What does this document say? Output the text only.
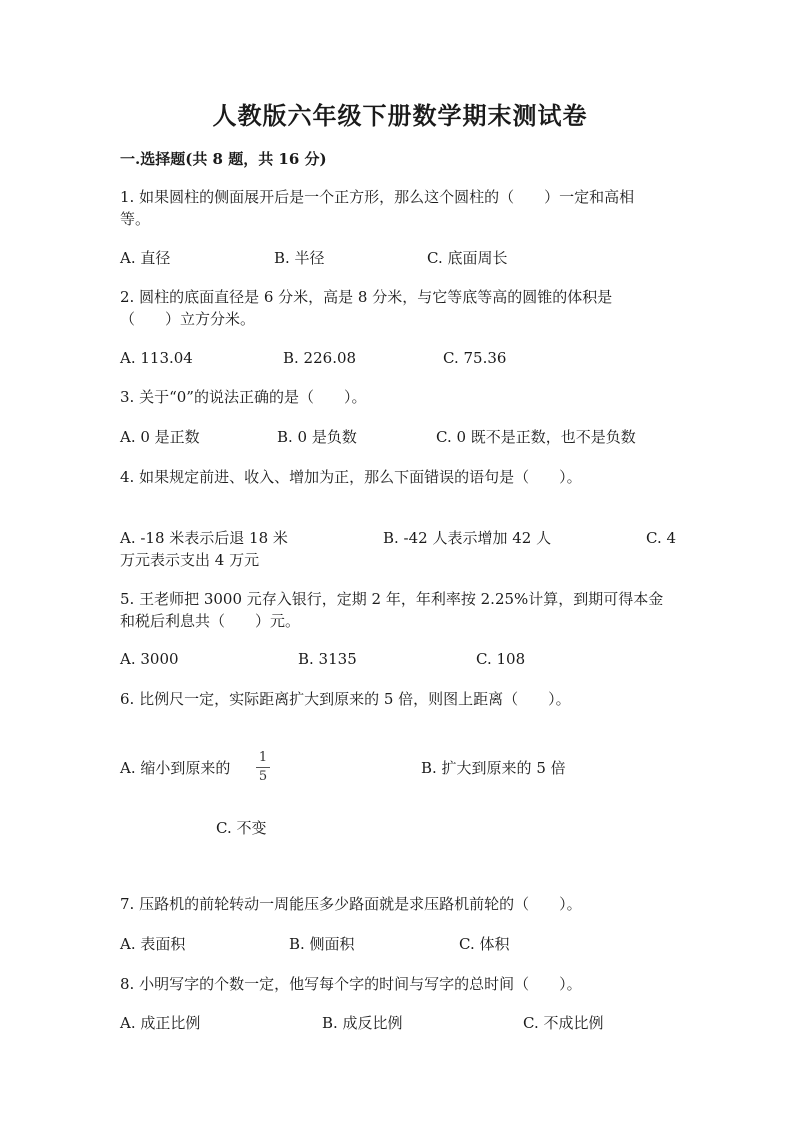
人教版六年级下册数学期末测试卷
一.选择题(共 8 题，共 16 分)
1. 如果圆柱的侧面展开后是一个正方形，那么这个圆柱的（　　）一定和高相
等。
A. 直径	B. 半径	C. 底面周长
2. 圆柱的底面直径是 6 分米，高是 8 分米，与它等底等高的圆锥的体积是
（　　）立方分米。
A. 113.04	B. 226.08	C. 75.36
3. 关于“0”的说法正确的是（　　）。
A. 0 是正数	B. 0 是负数	C. 0 既不是正数，也不是负数
4. 如果规定前进、收入、增加为正，那么下面错误的语句是（　　）。
A. -18 米表示后退 18 米	B. -42 人表示增加 42 人	C. 4
万元表示支出 4 万元
5. 王老师把 3000 元存入银行，定期 2 年，年利率按 2.25%计算，到期可得本金
和税后利息共（　　）元。
A. 3000	B. 3135	C. 108
6. 比例尺一定，实际距离扩大到原来的 5 倍，则图上距离（　　）。
A. 缩小到原来的
1
5	B. 扩大到原来的 5 倍
C. 不变
7. 压路机的前轮转动一周能压多少路面就是求压路机前轮的（　　）。
A. 表面积	B. 侧面积	C. 体积
8. 小明写字的个数一定，他写每个字的时间与写字的总时间（　　）。
A. 成正比例	B. 成反比例	C. 不成比例
